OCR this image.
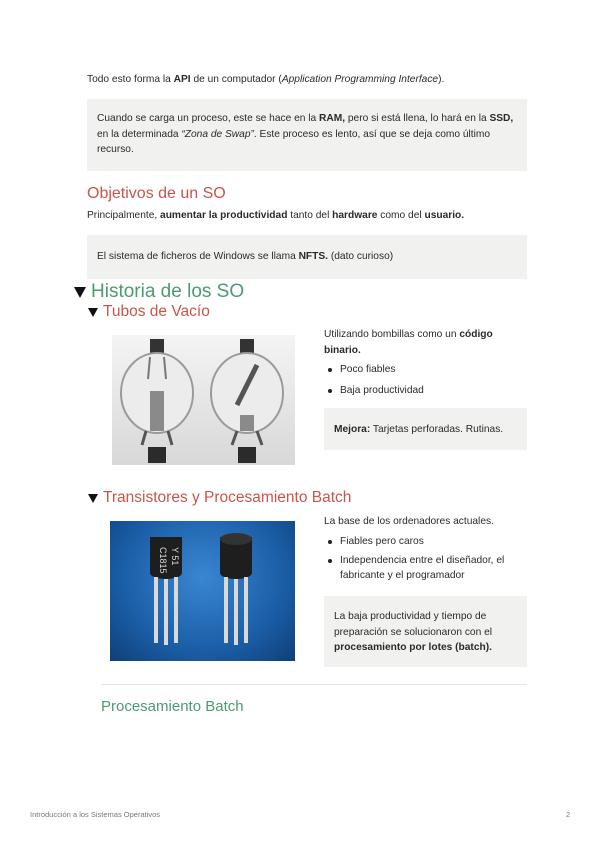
Todo esto forma la API de un computador (Application Programming Interface).
Cuando se carga un proceso, este se hace en la RAM, pero si está llena, lo hará en la SSD, en la determinada “Zona de Swap”. Este proceso es lento, así que se deja como último recurso.
Objetivos de un SO
Principalmente, aumentar la productividad tanto del hardware como del usuario.
El sistema de ficheros de Windows se llama NFTS. (dato curioso)
Historia de los SO
Tubos de Vacío
Utilizando bombillas como un código binario.
Poco fiables
Baja productividad
Mejora: Tarjetas perforadas. Rutinas.
Transistores y Procesamiento Batch
C1815 Y 51
La base de los ordenadores actuales.
Fiables pero caros
Independencia entre el diseñador, el fabricante y el programador
La baja productividad y tiempo de preparación se solucionaron con el procesamiento por lotes (batch).
Procesamiento Batch
Introducción a los Sistemas Operativos	2
